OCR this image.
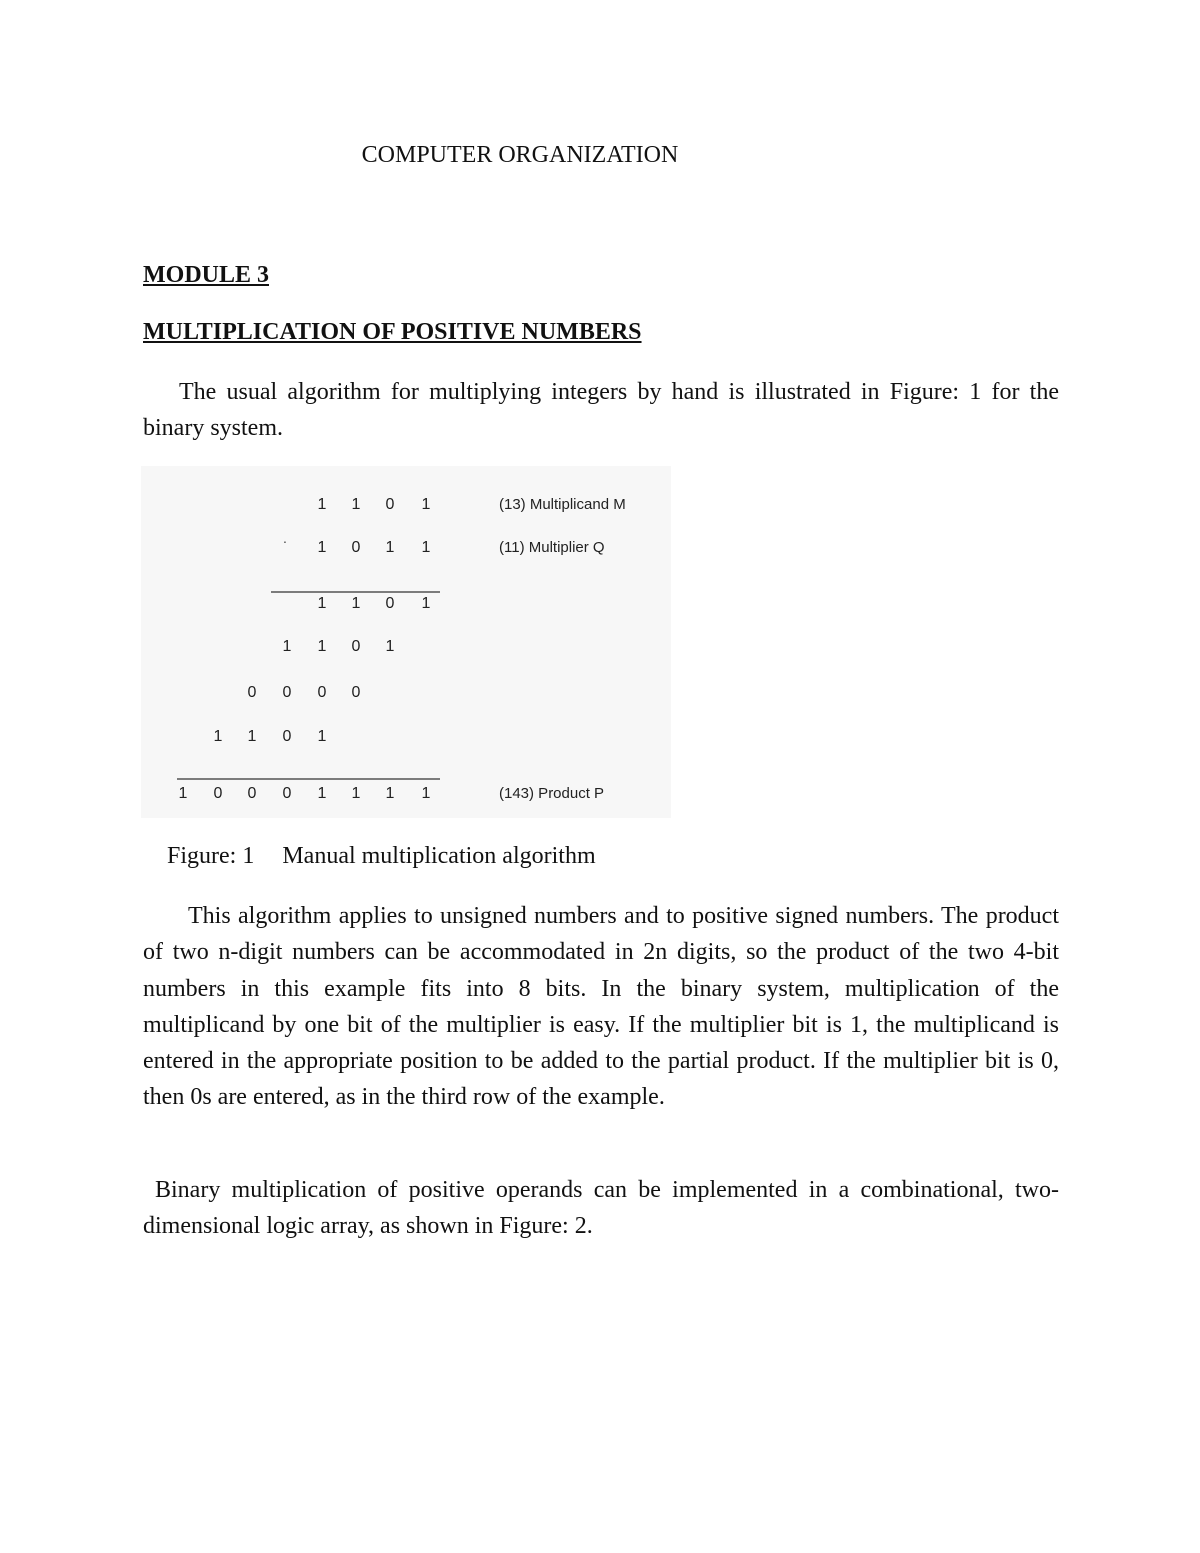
COMPUTER ORGANIZATION
MODULE 3
MULTIPLICATION OF POSITIVE NUMBERS
The usual algorithm for multiplying integers by hand is illustrated in Figure: 1 for the binary system.
1 1 0 1	(13) Multiplicand M
1 0 1 1	(11) Multiplier Q
1 1 0 1
1 1 0 1
0 0 0 0
1 1 0 1
1 0 0 0 1 1 1 1	(143) Product P
·
Figure: 1 Manual multiplication algorithm
This algorithm applies to unsigned numbers and to positive signed numbers. The product of two n-digit numbers can be accommodated in 2n digits, so the product of the two 4-bit numbers in this example fits into 8 bits. In the binary system, multiplication of the multiplicand by one bit of the multiplier is easy. If the multiplier bit is 1, the multiplicand is entered in the appropriate position to be added to the partial product. If the multiplier bit is 0, then 0s are entered, as in the third row of the example.
Binary multiplication of positive operands can be implemented in a combinational, two-dimensional logic array, as shown in Figure: 2.
